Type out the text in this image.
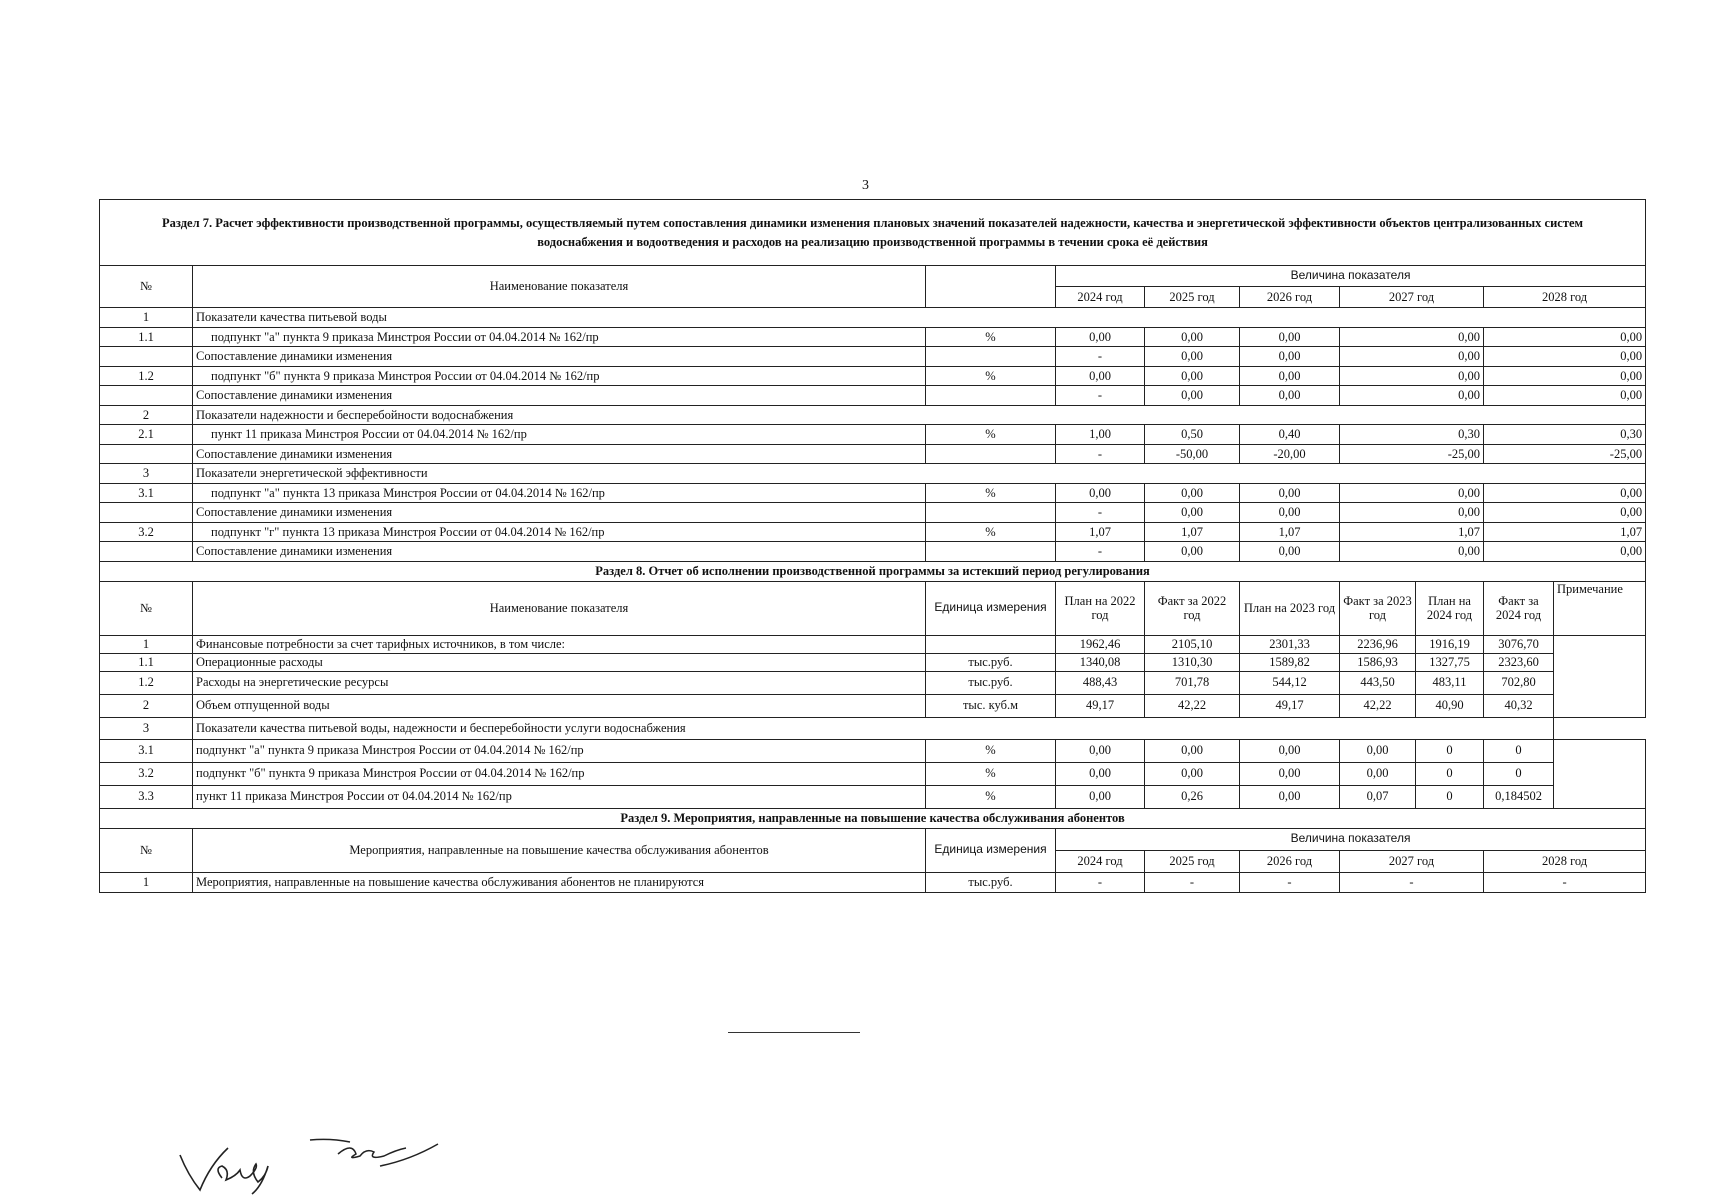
3
Раздел 7. Расчет эффективности производственной программы, осуществляемый путем сопоставления динамики изменения плановых значений показателей надежности, качества и энергетической эффективности объектов централизованных систем водоснабжения и водоотведения и расходов на реализацию производственной программы в течении срока её действия									
№	Наименование показателя		Величина показателя						
			2024 год	2025 год	2026 год	2027 год		2028 год	
1	Показатели качества питьевой воды								
1.1	подпункт "а" пункта 9 приказа Минстроя России от 04.04.2014 № 162/пр	%	0,00	0,00	0,00	0,00		0,00	
	Сопоставление динамики изменения		-	0,00	0,00	0,00		0,00	
1.2	подпункт "б" пункта 9 приказа Минстроя России от 04.04.2014 № 162/пр	%	0,00	0,00	0,00	0,00		0,00	
	Сопоставление динамики изменения		-	0,00	0,00	0,00		0,00	
2	Показатели надежности и бесперебойности водоснабжения								
2.1	пункт 11 приказа Минстроя России от 04.04.2014 № 162/пр	%	1,00	0,50	0,40	0,30		0,30	
	Сопоставление динамики изменения		-	-50,00	-20,00	-25,00		-25,00	
3	Показатели энергетической эффективности								
3.1	подпункт "а" пункта 13 приказа Минстроя России от 04.04.2014 № 162/пр	%	0,00	0,00	0,00	0,00		0,00	
	Сопоставление динамики изменения		-	0,00	0,00	0,00		0,00	
3.2	подпункт "г" пункта 13 приказа Минстроя России от 04.04.2014 № 162/пр	%	1,07	1,07	1,07	1,07		1,07	
	Сопоставление динамики изменения		-	0,00	0,00	0,00		0,00	
Раздел 8. Отчет об исполнении производственной программы за истекший период регулирования									
№	Наименование показателя	Единица измерения	План на 2022 год	Факт за 2022 год	План на 2023 год	Факт за 2023 год	План на 2024 год	Факт за 2024 год	Примечание
1	Финансовые потребности за счет тарифных источников, в том числе:		1962,46	2105,10	2301,33	2236,96	1916,19	3076,70	
1.1	Операционные расходы	тыс.руб.	1340,08	1310,30	1589,82	1586,93	1327,75	2323,60	
1.2	Расходы на энергетические ресурсы	тыс.руб.	488,43	701,78	544,12	443,50	483,11	702,80	
2	Объем отпущенной воды	тыс. куб.м	49,17	42,22	49,17	42,22	40,90	40,32	
3	Показатели качества питьевой воды, надежности и бесперебойности услуги водоснабжения								
3.1	подпункт "а" пункта 9 приказа Минстроя России от 04.04.2014 № 162/пр	%	0,00	0,00	0,00	0,00	0	0	
3.2	подпункт "б" пункта 9 приказа Минстроя России от 04.04.2014 № 162/пр	%	0,00	0,00	0,00	0,00	0	0	
3.3	пункт 11 приказа Минстроя России от 04.04.2014 № 162/пр	%	0,00	0,26	0,00	0,07	0	0,184502	
Раздел 9. Мероприятия, направленные на повышение качества обслуживания абонентов									
№	Мероприятия, направленные на повышение качества обслуживания абонентов	Единица измерения	Величина показателя						
			2024 год	2025 год	2026 год	2027 год		2028 год	
1	Мероприятия, направленные на повышение качества обслуживания абонентов не планируются	тыс.руб.	-	-	-	-		-	
